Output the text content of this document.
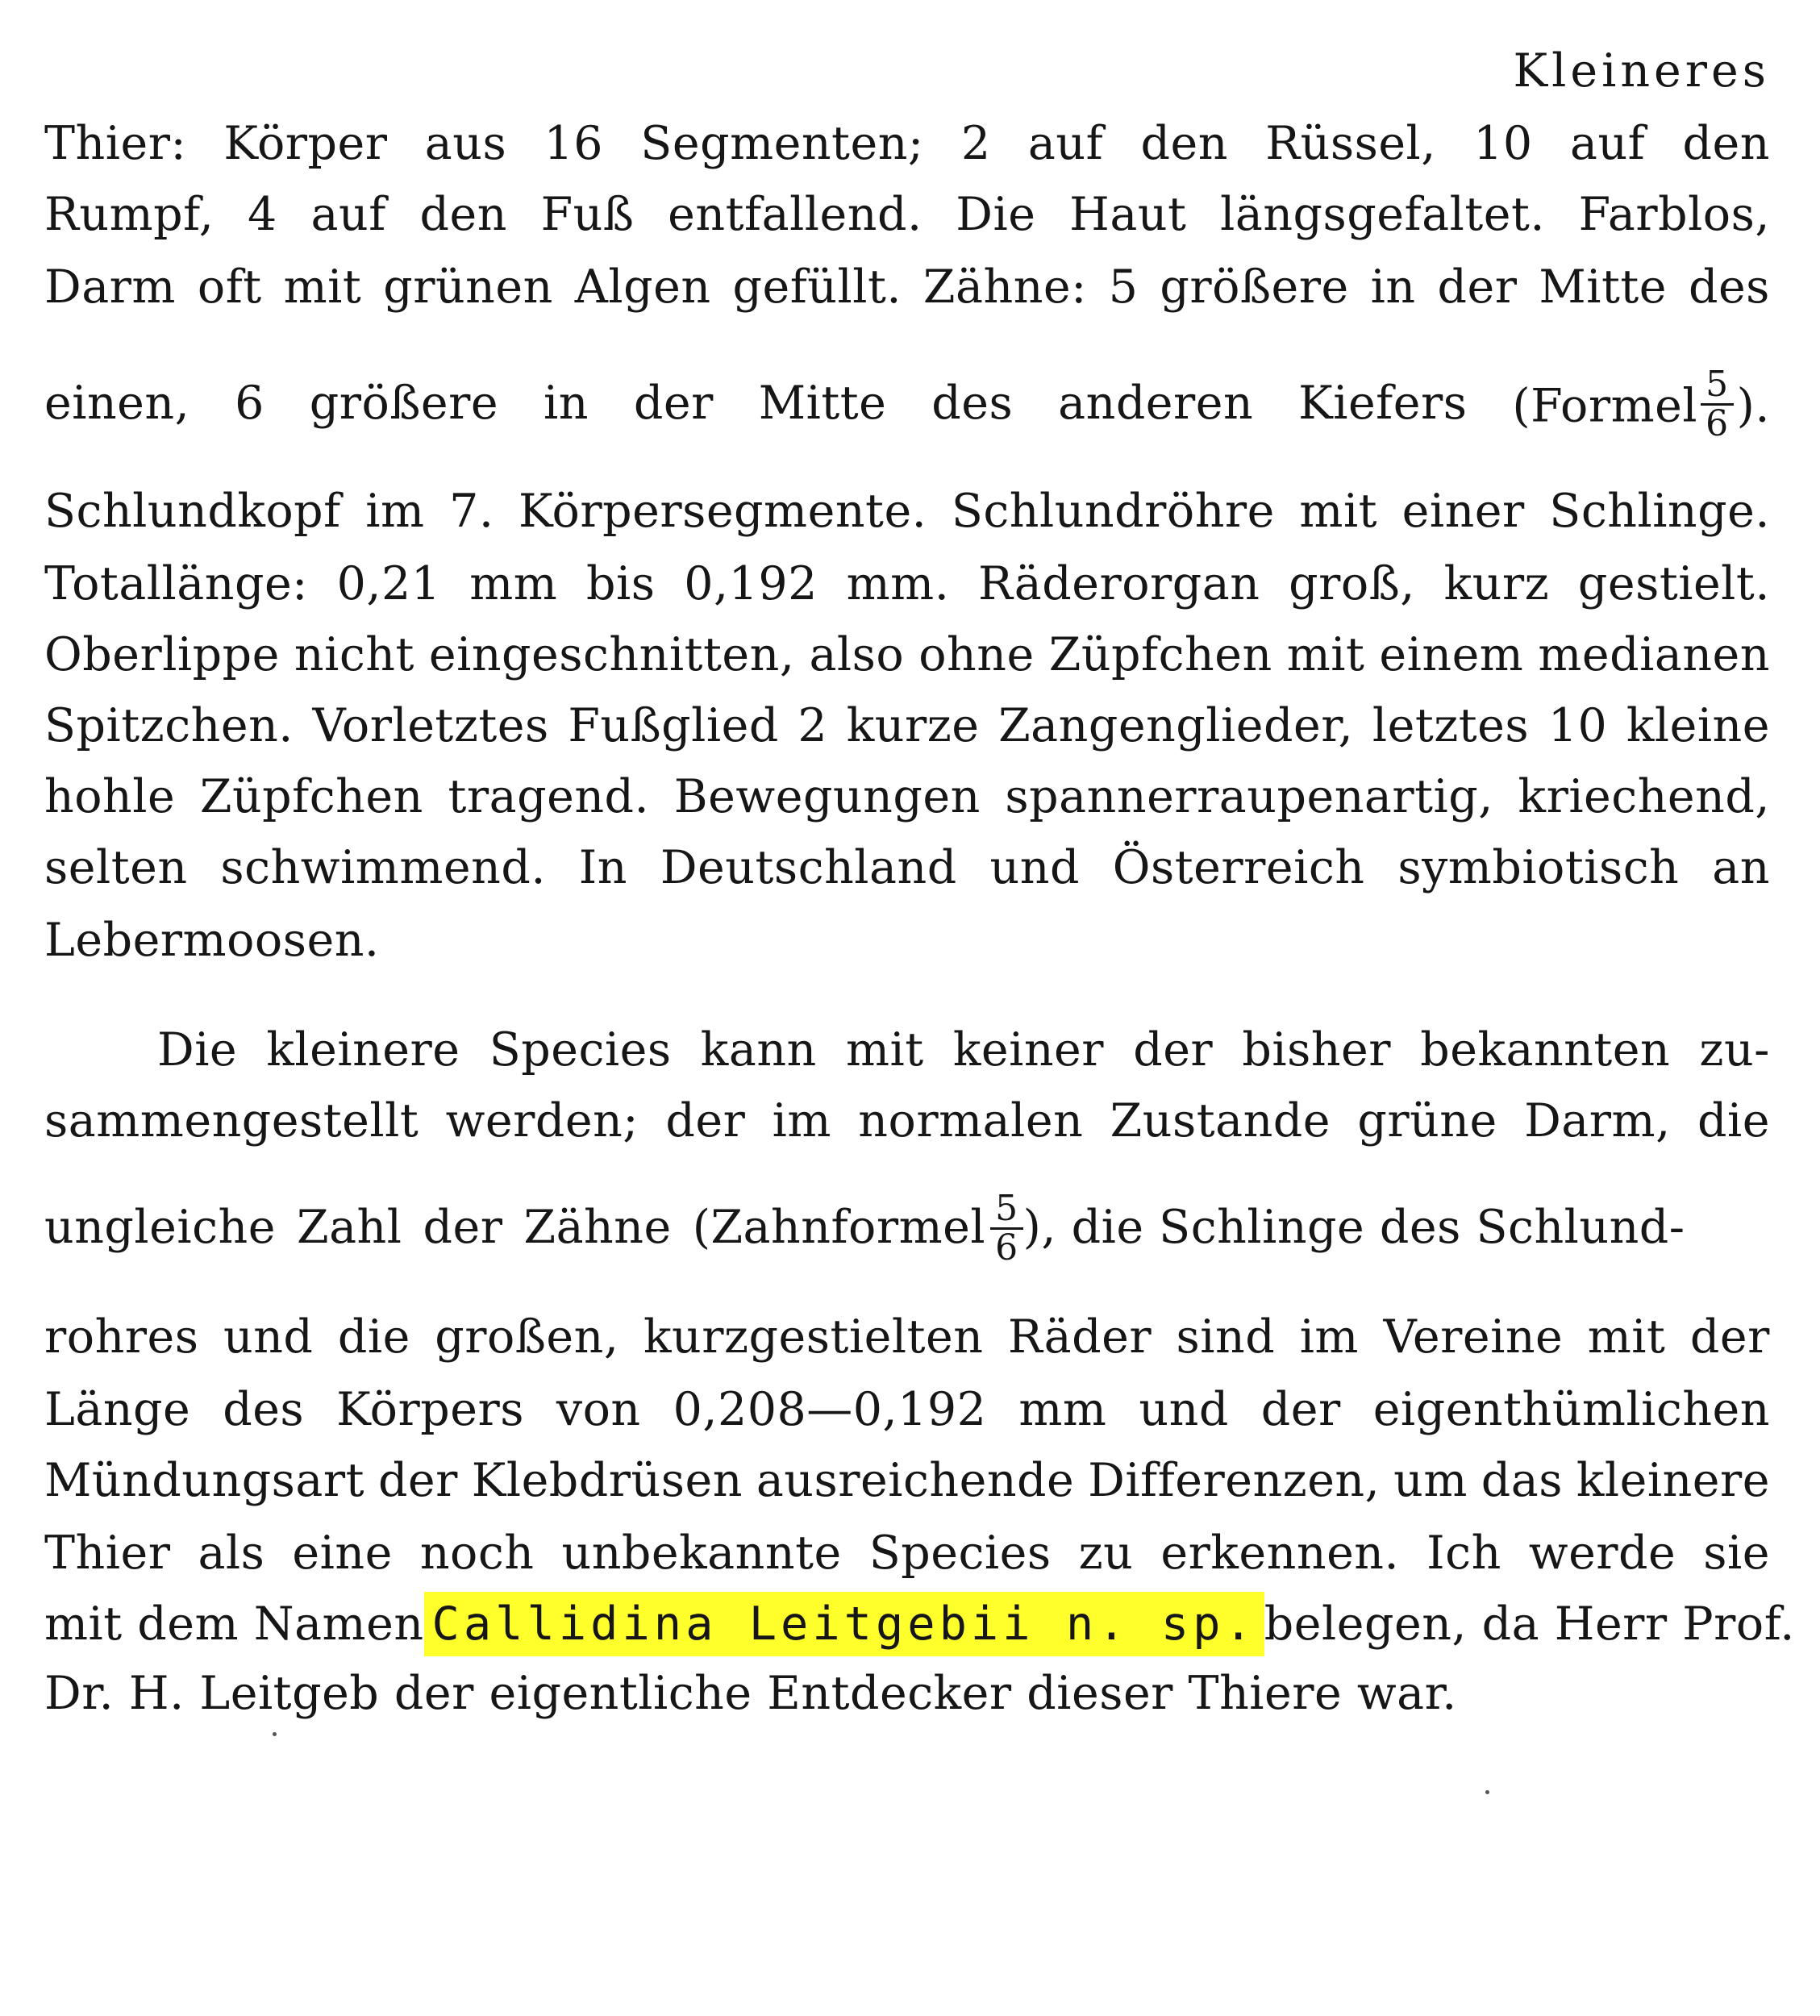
Kleineres
Thier: Körper aus 16 Segmenten; 2 auf den Rüssel, 10 auf den
Rumpf, 4 auf den Fuß entfallend. Die Haut längsgefaltet. Farblos,
Darm oft mit grünen Algen gefüllt. Zähne: 5 größere in der Mitte des
einen, 6 größere in der Mitte des anderen Kiefers (Formel $\frac{5}{6}$ ).
Schlundkopf im 7. Körpersegmente. Schlundröhre mit einer Schlinge.
Totallänge: 0,21 mm bis 0,192 mm. Räderorgan groß, kurz gestielt.
Oberlippe nicht eingeschnitten, also ohne Züpfchen mit einem medianen
Spitzchen. Vorletztes Fußglied 2 kurze Zangenglieder, letztes 10 kleine
hohle Züpfchen tragend. Bewegungen spannerraupenartig, kriechend,
selten schwimmend. In Deutschland und Österreich symbiotisch an
Lebermoosen.
Die kleinere Species kann mit keiner der bisher bekannten zu-
sammengestellt werden; der im normalen Zustande grüne Darm, die
ungleiche Zahl der Zähne (Zahnformel $\frac{5}{6}$
), die Schlinge des Schlund-
rohres und die großen, kurzgestielten Räder sind im Vereine mit der
Länge des Körpers von 0,208—0,192 mm und der eigenthümlichen
Mündungsart der Klebdrüsen ausreichende Differenzen, um das kleinere
Thier als eine noch unbekannte Species zu erkennen. Ich werde sie
mit dem Namen Callidina Leitgebii n. sp. belegen, da Herr Prof.
Dr. H. Leitgeb der eigentliche Entdecker dieser Thiere war.
